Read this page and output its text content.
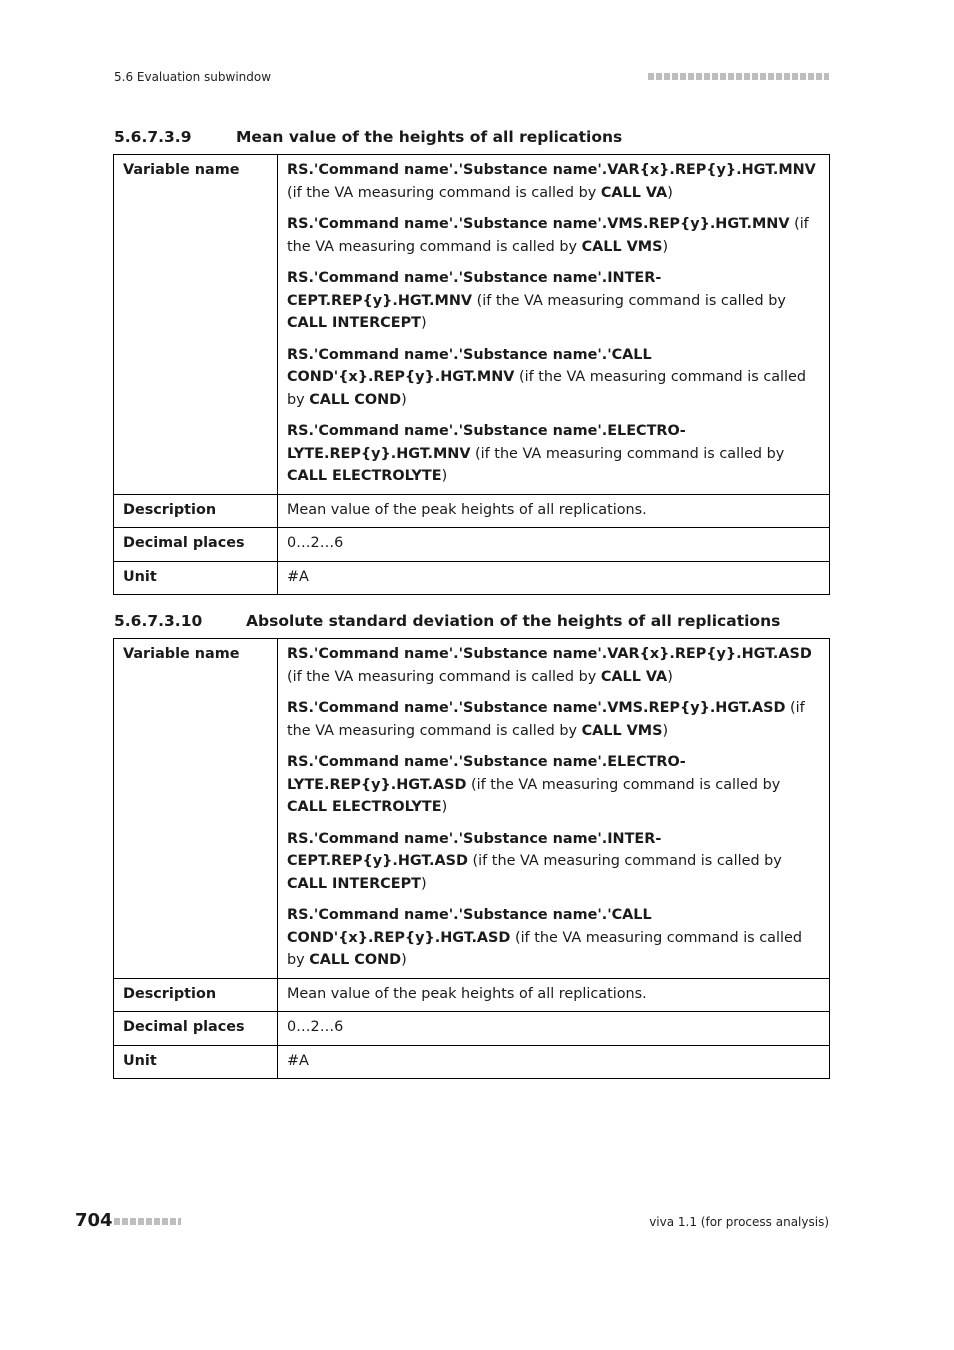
5.6 Evaluation subwindow
5.6.7.3.9	Mean value of the heights of all replications
Variable name	RS.'Command name'.'Substance name'.VAR{x}.REP{y}.HGT.MNV (if the VA measuring command is called by CALL VA)

RS.'Command name'.'Substance name'.VMS.REP{y}.HGT.MNV (if the VA measuring command is called by CALL VMS)

RS.'Command name'.'Substance name'.INTERCEPT.REP{y}.HGT.MNV (if the VA measuring command is called by CALL INTERCEPT)

RS.'Command name'.'Substance name'.'CALL COND'{x}.REP{y}.HGT.MNV (if the VA measuring command is called by CALL COND)

RS.'Command name'.'Substance name'.ELECTROLYTE.REP{y}.HGT.MNV (if the VA measuring command is called by CALL ELECTROLYTE)

Description	Mean value of the peak heights of all replications.
Decimal places	0…2…6
Unit	#A
5.6.7.3.10	Absolute standard deviation of the heights of all replications
Variable name	RS.'Command name'.'Substance name'.VAR{x}.REP{y}.HGT.ASD (if the VA measuring command is called by CALL VA)

RS.'Command name'.'Substance name'.VMS.REP{y}.HGT.ASD (if the VA measuring command is called by CALL VMS)

RS.'Command name'.'Substance name'.ELECTROLYTE.REP{y}.HGT.ASD (if the VA measuring command is called by CALL ELECTROLYTE)

RS.'Command name'.'Substance name'.INTERCEPT.REP{y}.HGT.ASD (if the VA measuring command is called by CALL INTERCEPT)

RS.'Command name'.'Substance name'.'CALL COND'{x}.REP{y}.HGT.ASD (if the VA measuring command is called by CALL COND)

Description	Mean value of the peak heights of all replications.
Decimal places	0…2…6
Unit	#A
704	viva 1.1 (for process analysis)
